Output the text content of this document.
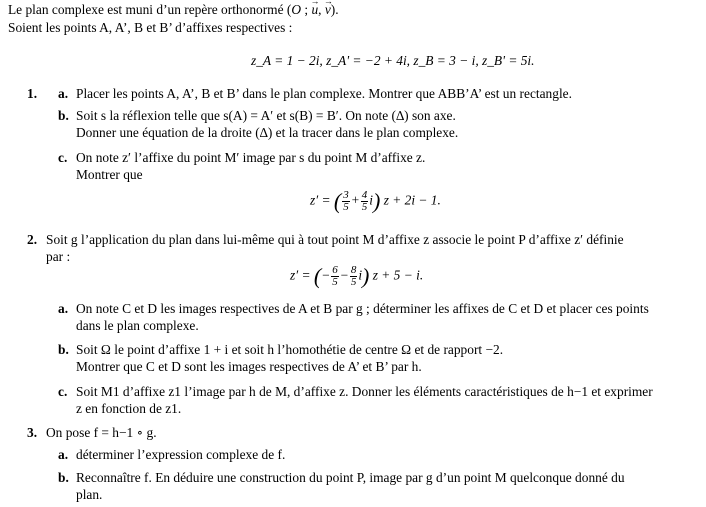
Le plan complexe est muni d’un repère orthonormé (O ; → u, → v).
Soient les points A, A’, B et B’ d’affixes respectives :
z_A = 1 − 2i, z_A' = −2 + 4i, z_B = 3 − i, z_B' = 5i.
1. a. Placer les points A, A’, B et B’ dans le plan complexe. Montrer que ABB’A’ est un rectangle.
b. Soit s la réflexion telle que s(A) = A′ et s(B) = B′. On note (∆) son axe.
Donner une équation de la droite (∆) et la tracer dans le plan complexe.
c. On note z′ l’affixe du point M′ image par s du point M d’affixe z.
Montrer que
z′ = ( $\frac{3}{5} + \frac{4}{5} i$) z + 2i − 1.
2. Soit g l’application du plan dans lui-même qui à tout point M d’affixe z associe le point P d’affixe z′ définie
par :
z′ = (− $\frac{6}{5} - \frac{8}{5} i$) z + 5 − i.
a. On note C et D les images respectives de A et B par g ; déterminer les affixes de C et D et placer ces points
dans le plan complexe.
b. Soit Ω le point d’affixe 1 + i et soit h l’homothétie de centre Ω et de rapport −2.
Montrer que C et D sont les images respectives de A’ et B’ par h.
c. Soit M1 d’affixe z1 l’image par h de M, d’affixe z. Donner les éléments caractéristiques de h−1 et exprimer
z en fonction de z1.
3. On pose f = h−1 ∘ g.
a. déterminer l’expression complexe de f.
b. Reconnaître f. En déduire une construction du point P, image par g d’un point M quelconque donné du
plan.
